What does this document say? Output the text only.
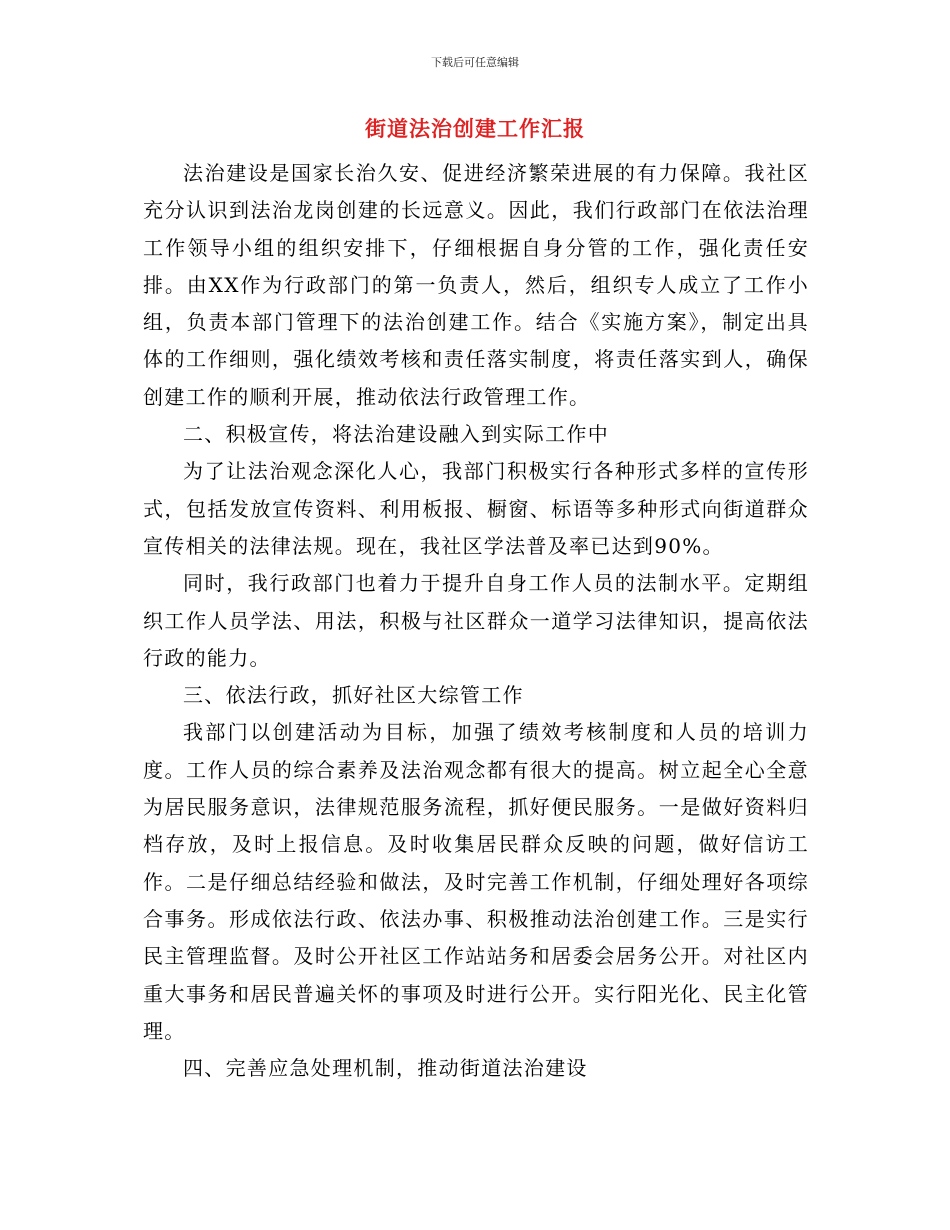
下载后可任意编辑
街道法治创建工作汇报

法治建设是国家长治久安、促进经济繁荣进展的有力保障。我社区充分认识到法治龙岗创建的长远意义。因此，我们行政部门在依法治理工作领导小组的组织安排下，仔细根据自身分管的工作，强化责任安排。由XX作为行政部门的第一负责人，然后，组织专人成立了工作小组，负责本部门管理下的法治创建工作。结合《实施方案》，制定出具体的工作细则，强化绩效考核和责任落实制度，将责任落实到人，确保创建工作的顺利开展，推动依法行政管理工作。

二、积极宣传，将法治建设融入到实际工作中

为了让法治观念深化人心，我部门积极实行各种形式多样的宣传形式，包括发放宣传资料、利用板报、橱窗、标语等多种形式向街道群众宣传相关的法律法规。现在，我社区学法普及率已达到90%。

同时，我行政部门也着力于提升自身工作人员的法制水平。定期组织工作人员学法、用法，积极与社区群众一道学习法律知识，提高依法行政的能力。

三、依法行政，抓好社区大综管工作

我部门以创建活动为目标，加强了绩效考核制度和人员的培训力度。工作人员的综合素养及法治观念都有很大的提高。树立起全心全意为居民服务意识，法律规范服务流程，抓好便民服务。一是做好资料归档存放，及时上报信息。及时收集居民群众反映的问题，做好信访工作。二是仔细总结经验和做法，及时完善工作机制，仔细处理好各项综合事务。形成依法行政、依法办事、积极推动法治创建工作。三是实行民主管理监督。及时公开社区工作站站务和居委会居务公开。对社区内重大事务和居民普遍关怀的事项及时进行公开。实行阳光化、民主化管理。

四、完善应急处理机制，推动街道法治建设
